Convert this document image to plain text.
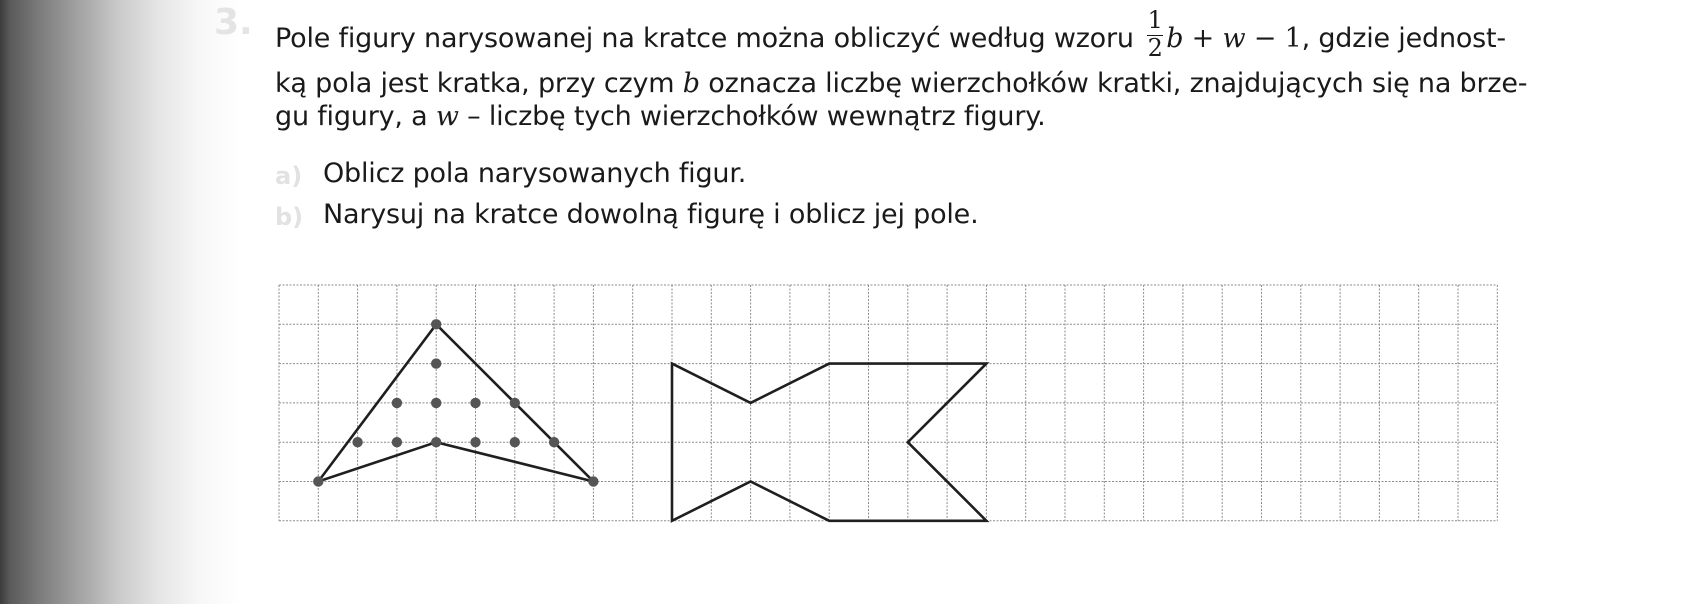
3. Pole figury narysowanej na kratce można obliczyć według wzoru $\frac{1}{2}$ b + w − 1, gdzie jednost-
ką pola jest kratka, przy czym b oznacza liczbę wierzchołków kratki, znajdujących się na brze-
gu figury, a w – liczbę tych wierzchołków wewnątrz figury.
a)
b)
Oblicz pola narysowanych figur.
Narysuj na kratce dowolną figurę i oblicz jej pole.
